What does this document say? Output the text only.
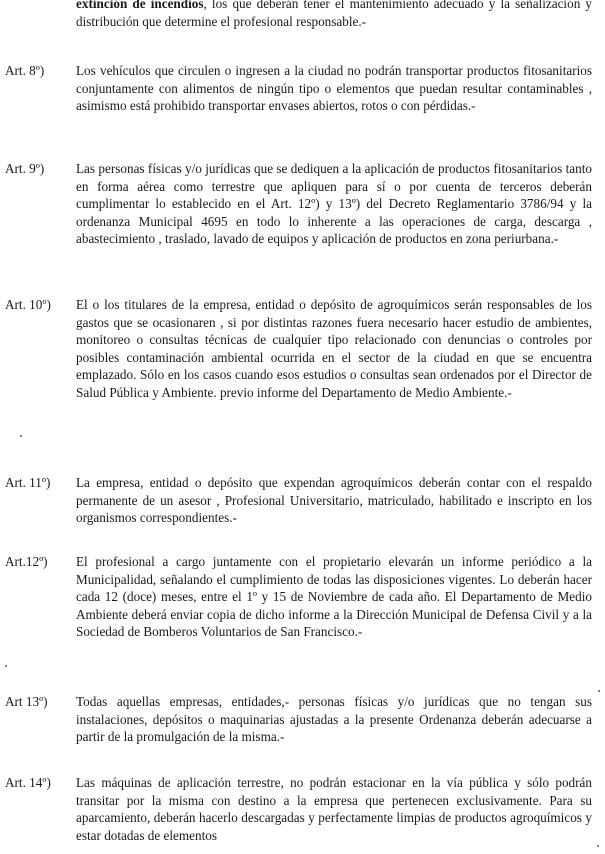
extinción de incendios, los que deberán tener el mantenimiento adecuado y la señalización y distribución que determine el profesional responsable.-

Art. 8º)	Los vehículos que circulen o ingresen a la ciudad no podrán transportar productos fitosanitarios conjuntamente con alimentos de ningún tipo o elementos que puedan resultar contaminables , asimismo está prohibido transportar envases abiertos, rotos o con pérdidas.-

Art. 9º)	Las personas físicas y/o jurídicas que se dediquen a la aplicación de productos fitosanitarios tanto en forma aérea como terrestre que apliquen para sí o por cuenta de terceros deberán cumplimentar lo establecido en el Art. 12º) y 13º) del Decreto Reglamentario 3786/94 y la ordenanza Municipal 4695 en todo lo inherente a las operaciones de carga, descarga , abastecimiento , traslado, lavado de equipos y aplicación de productos en zona periurbana.-

Art. 10º)	El o los titulares de la empresa, entidad o depósito de agroquímicos serán responsables de los gastos que se ocasionaren , si por distintas razones fuera necesario hacer estudio de ambientes, monitoreo o consultas técnicas de cualquier tipo relacionado con denuncias o controles por posibles contaminación ambiental ocurrida en el sector de la ciudad en que se encuentra emplazado. Sólo en los casos cuando esos estudios o consultas sean ordenados por el Director de Salud Pública y Ambiente. previo informe del Departamento de Medio Ambiente.-

Art. 11º)	La empresa, entidad o depósito que expendan agroquímicos deberán contar con el respaldo permanente de un asesor , Profesional Universitario, matriculado, habilitado e inscripto en los organismos correspondientes.-

Art.12º)	El profesional a cargo juntamente con el propietario elevarán un informe periódico a la Municipalidad, señalando el cumplimiento de todas las disposiciones vigentes. Lo deberán hacer cada 12 (doce) meses, entre el 1º y 15 de Noviembre de cada año. El Departamento de Medio Ambiente deberá enviar copia de dicho informe a la Dirección Municipal de Defensa Civil y a la Sociedad de Bomberos Voluntarios de San Francisco.-

Art 13º)	Todas aquellas empresas, entidades,- personas físicas y/o jurídicas que no tengan sus instalaciones, depósitos o maquinarias ajustadas a la presente Ordenanza deberán adecuarse a partir de la promulgación de la misma.-

Art. 14º)	Las máquinas de aplicación terrestre, no podrán estacionar en la vía pública y sólo podrán transitar por la misma con destino a la empresa que pertenecen exclusivamente. Para su aparcamiento, deberán hacerlo descargadas y perfectamente limpias de productos agroquímicos y estar dotadas de elementos
